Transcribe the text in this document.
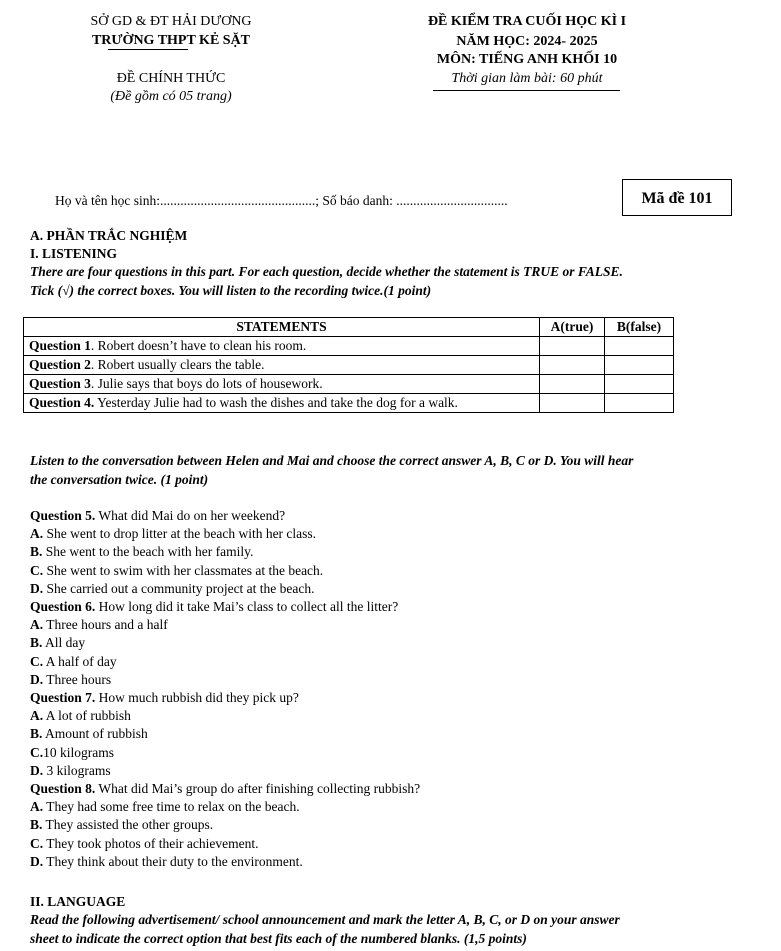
SỞ GD & ĐT HẢI DƯƠNG
TRƯỜNG THPT KẺ SẶT
ĐỀ CHÍNH THỨC
(Đề gồm có 05 trang)
ĐỀ KIỂM TRA CUỐI HỌC KÌ I
NĂM HỌC: 2024- 2025
MÔN: TIẾNG ANH KHỐI 10
Thời gian làm bài: 60 phút
Họ và tên học sinh:..............................................; Số báo danh: .................................	Mã đề 101
A. PHẦN TRẮC NGHIỆM
I. LISTENING
There are four questions in this part. For each question, decide whether the statement is TRUE or FALSE.
Tick (√) the correct boxes. You will listen to the recording twice.(1 point)
STATEMENTS	A(true)	B(false)
Question 1. Robert doesn’t have to clean his room.		
Question 2. Robert usually clears the table.		
Question 3. Julie says that boys do lots of housework.		
Question 4. Yesterday Julie had to wash the dishes and take the dog for a walk.		
Listen to the conversation between Helen and Mai and choose the correct answer A, B, C or D. You will hear
the conversation twice. (1 point)
Question 5. What did Mai do on her weekend?
A. She went to drop litter at the beach with her class.
B. She went to the beach with her family.
C. She went to swim with her classmates at the beach.
D. She carried out a community project at the beach.
Question 6. How long did it take Mai’s class to collect all the litter?
A. Three hours and a half
B. All day
C. A half of day
D. Three hours
Question 7. How much rubbish did they pick up?
A. A lot of rubbish
B. Amount of rubbish
C.10 kilograms
D. 3 kilograms
Question 8. What did Mai’s group do after finishing collecting rubbish?
A. They had some free time to relax on the beach.
B. They assisted the other groups.
C. They took photos of their achievement.
D. They think about their duty to the environment.
II. LANGUAGE
Read the following advertisement/ school announcement and mark the letter A, B, C, or D on your answer
sheet to indicate the correct option that best fits each of the numbered blanks. (1,5 points)
